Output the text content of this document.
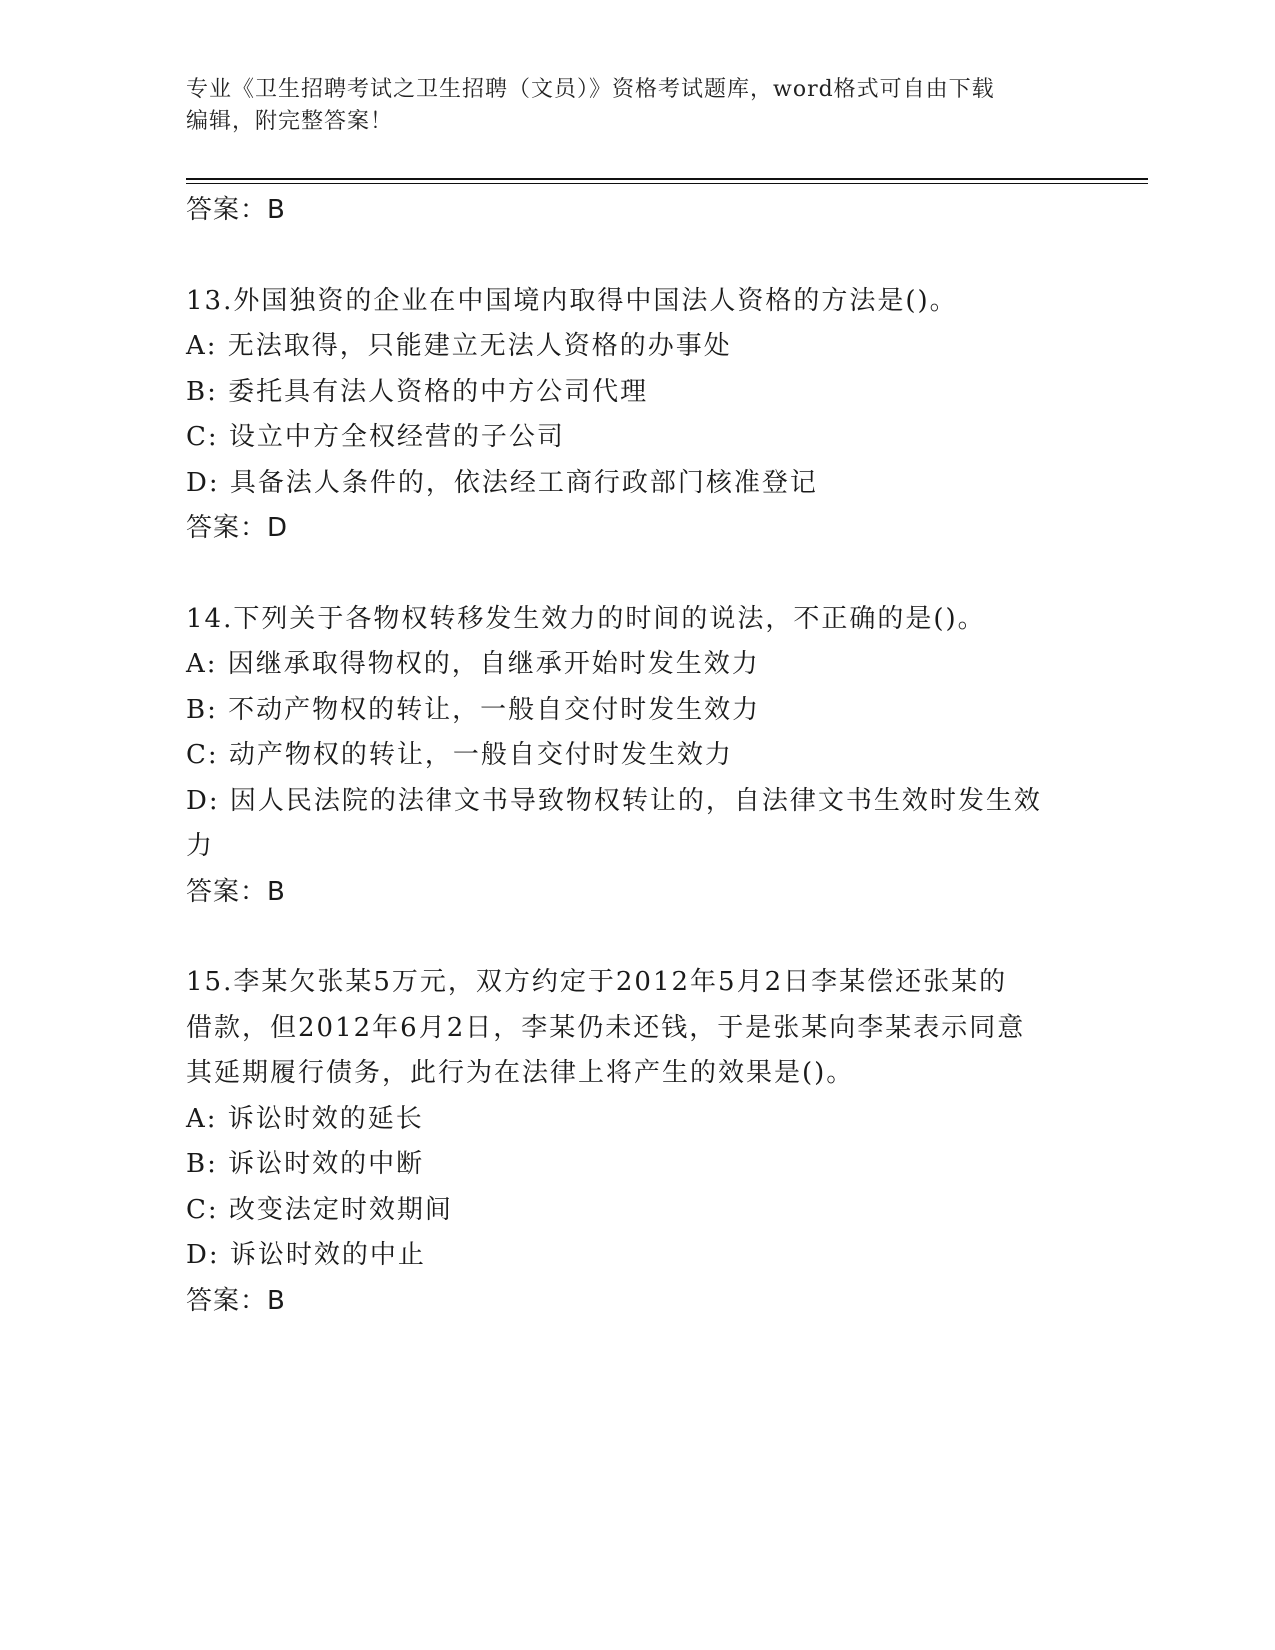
专业《卫生招聘考试之卫生招聘（文员）》资格考试题库，word格式可自由下载
编辑，附完整答案！
答案：B
13.外国独资的企业在中国境内取得中国法人资格的方法是()。
A: 无法取得，只能建立无法人资格的办事处
B: 委托具有法人资格的中方公司代理
C: 设立中方全权经营的子公司
D: 具备法人条件的，依法经工商行政部门核准登记
答案：D
14.下列关于各物权转移发生效力的时间的说法，不正确的是()。
A: 因继承取得物权的，自继承开始时发生效力
B: 不动产物权的转让，一般自交付时发生效力
C: 动产物权的转让，一般自交付时发生效力
D: 因人民法院的法律文书导致物权转让的，自法律文书生效时发生效
力
答案：B
15.李某欠张某5万元，双方约定于2012年5月2日李某偿还张某的
借款，但2012年6月2日，李某仍未还钱，于是张某向李某表示同意
其延期履行债务，此行为在法律上将产生的效果是()。
A: 诉讼时效的延长
B: 诉讼时效的中断
C: 改变法定时效期间
D: 诉讼时效的中止
答案：B
